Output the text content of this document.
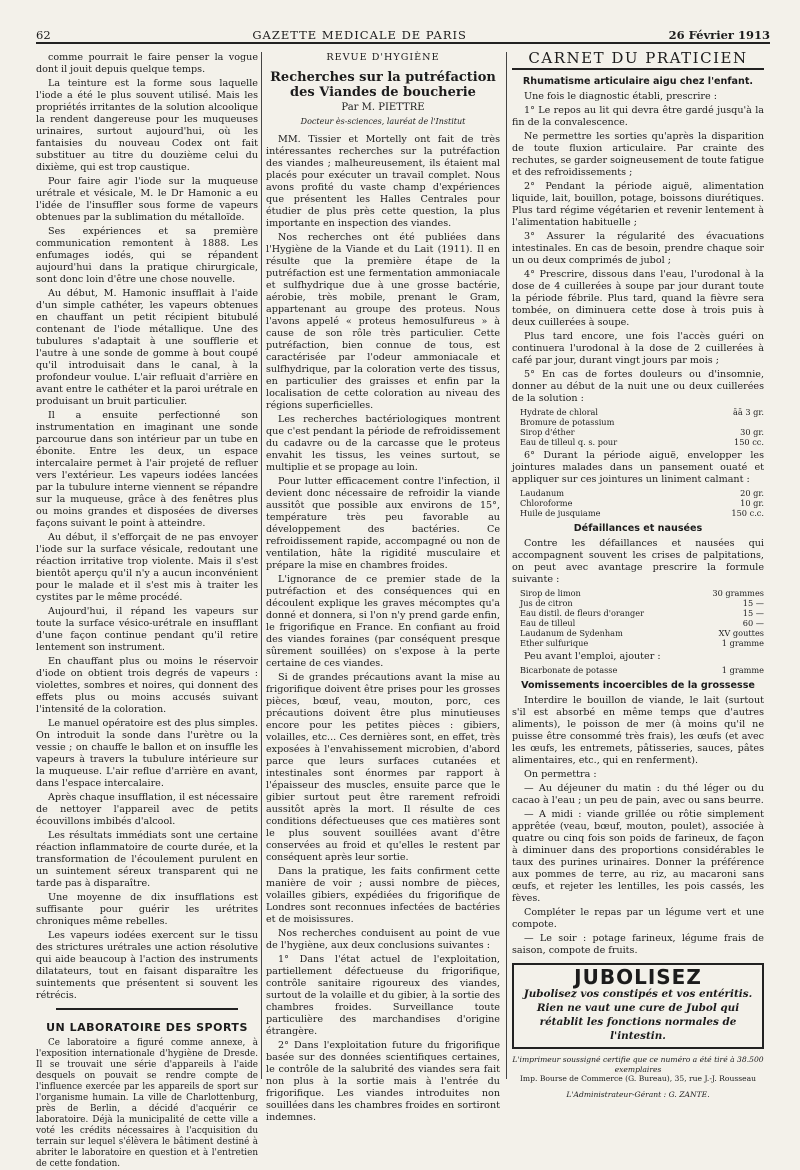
62	GAZETTE MEDICALE DE PARIS	26 Février 1913

comme pourrait le faire penser la vogue dont il jouit depuis quelque temps.

La teinture est la forme sous laquelle l'iode a été le plus souvent utilisé. Mais les propriétés irritantes de la solution alcoolique la rendent dangereuse pour les muqueuses urinaires, surtout aujourd'hui, où les fantaisies du nouveau Codex ont fait substituer au titre du douzième celui du dixième, qui est trop caustique.

Pour faire agir l'iode sur la muqueuse urétrale et vésicale, M. le Dr Hamonic a eu l'idée de l'insuffler sous forme de vapeurs obtenues par la sublimation du métalloïde.

Ses expériences et sa première communication remontent à 1888. Les enfumages iodés, qui se répandent aujourd'hui dans la pratique chirurgicale, sont donc loin d'être une chose nouvelle.

Au début, M. Hamonic insufflait à l'aide d'un simple cathéter, les vapeurs obtenues en chauffant un petit récipient bitubulé contenant de l'iode métallique. Une des tubulures s'adaptait à une soufflerie et l'autre à une sonde de gomme à bout coupé qu'il introduisait dans le canal, à la profondeur voulue. L'air refluait d'arrière en avant entre le cathéter et la paroi urétrale en produisant un bruit particulier.

Il a ensuite perfectionné son instrumentation en imaginant une sonde parcourue dans son intérieur par un tube en ébonite. Entre les deux, un espace intercalaire permet à l'air projeté de refluer vers l'extérieur. Les vapeurs iodées lancées par la tubulure interne viennent se répandre sur la muqueuse, grâce à des fenêtres plus ou moins grandes et disposées de diverses façons suivant le point à atteindre.

Au début, il s'efforçait de ne pas envoyer l'iode sur la surface vésicale, redoutant une réaction irritative trop violente. Mais il s'est bientôt aperçu qu'il n'y a aucun inconvénient pour le malade et il s'est mis à traiter les cystites par le même procédé.

Aujourd'hui, il répand les vapeurs sur toute la surface vésico-urétrale en insufflant d'une façon continue pendant qu'il retire lentement son instrument.

En chauffant plus ou moins le réservoir d'iode on obtient trois degrés de vapeurs : violettes, sombres et noires, qui donnent des effets plus ou moins accusés suivant l'intensité de la coloration.

Le manuel opératoire est des plus simples. On introduit la sonde dans l'urètre ou la vessie ; on chauffe le ballon et on insuffle les vapeurs à travers la tubulure intérieure sur la muqueuse. L'air reflue d'arrière en avant, dans l'espace intercalaire.

Après chaque insufflation, il est nécessaire de nettoyer l'appareil avec de petits écouvillons imbibés d'alcool.

Les résultats immédiats sont une certaine réaction inflammatoire de courte durée, et la transformation de l'écoulement purulent en un suintement séreux transparent qui ne tarde pas à disparaître.

Une moyenne de dix insufflations est suffisante pour guérir les urétrites chroniques même rebelles.

Les vapeurs iodées exercent sur le tissu des strictures urétrales une action résolutive qui aide beaucoup à l'action des instruments dilatateurs, tout en faisant disparaître les suintements que présentent si souvent les rétrécis.

UN LABORATOIRE DES SPORTS

Ce laboratoire a figuré comme annexe, à l'exposition internationale d'hygiène de Dresde. Il se trouvait une série d'appareils à l'aide desquels on pouvait se rendre compte de l'influence exercée par les appareils de sport sur l'organisme humain. La ville de Charlottenburg, près de Berlin, a décidé d'acquérir ce laboratoire. Déjà la municipalité de cette ville a voté les crédits nécessaires à l'acquisition du terrain sur lequel s'élèvera le bâtiment destiné à abriter le laboratoire en question et à l'entretien de cette fondation.

REVUE D'HYGIÈNE
Recherches sur la putréfaction des Viandes de boucherie
Par M. PIETTRE
Docteur ès-sciences, lauréat de l'Institut

MM. Tissier et Mortelly ont fait de très intéressantes recherches sur la putréfaction des viandes ; malheureusement, ils étaient mal placés pour exécuter un travail complet. Nous avons profité du vaste champ d'expériences que présentent les Halles Centrales pour étudier de plus près cette question, la plus importante en inspection des viandes.

Nos recherches ont été publiées dans l'Hygiène de la Viande et du Lait (1911). Il en résulte que la première étape de la putréfaction est une fermentation ammoniacale et sulfhydrique due à une grosse bactérie, aérobie, très mobile, prenant le Gram, appartenant au groupe des proteus. Nous l'avons appelé « proteus hemosulfureus » à cause de son rôle très particulier. Cette putréfaction, bien connue de tous, est caractérisée par l'odeur ammoniacale et sulfhydrique, par la coloration verte des tissus, en particulier des graisses et enfin par la localisation de cette coloration au niveau des régions superficielles.

Les recherches bactériologiques montrent que c'est pendant la période de refroidissement du cadavre ou de la carcasse que le proteus envahit les tissus, les veines surtout, se multiplie et se propage au loin.

Pour lutter efficacement contre l'infection, il devient donc nécessaire de refroidir la viande aussitôt que possible aux environs de 15°, température très peu favorable au développement des bactéries. Ce refroidissement rapide, accompagné ou non de ventilation, hâte la rigidité musculaire et prépare la mise en chambres froides.

L'ignorance de ce premier stade de la putréfaction et des conséquences qui en découlent explique les graves mécomptes qu'a donné et donnera, si l'on n'y prend garde enfin, le frigorifique en France. En confiant au froid des viandes foraines (par conséquent presque sûrement souillées) on s'expose à la perte certaine de ces viandes.

Si de grandes précautions avant la mise au frigorifique doivent être prises pour les grosses pièces, bœuf, veau, mouton, porc, ces précautions doivent être plus minutieuses encore pour les petites pièces : gibiers, volailles, etc... Ces dernières sont, en effet, très exposées à l'envahissement microbien, d'abord parce que leurs surfaces cutanées et intestinales sont énormes par rapport à l'épaisseur des muscles, ensuite parce que le gibier surtout peut être rarement refroidi aussitôt après la mort. Il résulte de ces conditions défectueuses que ces matières sont le plus souvent souillées avant d'être conservées au froid et qu'elles le restent par conséquent après leur sortie.

Dans la pratique, les faits confirment cette manière de voir ; aussi nombre de pièces, volailles gibiers, expédiées du frigorifique de Londres sont reconnues infectées de bactéries et de moisissures.

Nos recherches conduisent au point de vue de l'hygiène, aux deux conclusions suivantes :

1° Dans l'état actuel de l'exploitation, partiellement défectueuse du frigorifique, contrôle sanitaire rigoureux des viandes, surtout de la volaille et du gibier, à la sortie des chambres froides. Surveillance toute particulière des marchandises d'origine étrangère.

2° Dans l'exploitation future du frigorifique basée sur des données scientifiques certaines, le contrôle de la salubrité des viandes sera fait non plus à la sortie mais à l'entrée du frigorifique. Les viandes introduites non souillées dans les chambres froides en sortiront indemnes.

CARNET DU PRATICIEN
Rhumatisme articulaire aigu chez l'enfant.

Une fois le diagnostic établi, prescrire :

1° Le repos au lit qui devra être gardé jusqu'à la fin de la convalescence.

Ne permettre les sorties qu'après la disparition de toute fluxion articulaire. Par crainte des rechutes, se garder soigneusement de toute fatigue et des refroidissements ;

2° Pendant la période aiguë, alimentation liquide, lait, bouillon, potage, boissons diurétiques. Plus tard régime végétarien et revenir lentement à l'alimentation habituelle ;

3° Assurer la régularité des évacuations intestinales. En cas de besoin, prendre chaque soir un ou deux comprimés de jubol ;

4° Prescrire, dissous dans l'eau, l'urodonal à la dose de 4 cuillerées à soupe par jour durant toute la période fébrile. Plus tard, quand la fièvre sera tombée, on diminuera cette dose à trois puis à deux cuillerées à soupe.

Plus tard encore, une fois l'accès guéri on continuera l'urodonal à la dose de 2 cuillerées à café par jour, durant vingt jours par mois ;

5° En cas de fortes douleurs ou d'insomnie, donner au début de la nuit une ou deux cuillerées de la solution :

Hydrate de chloral	āā 3 gr.
Bromure de potassium
Sirop d'éther	30 gr.
Eau de tilleul q. s. pour	150 cc.

6° Durant la période aiguë, envelopper les jointures malades dans un pansement ouaté et appliquer sur ces jointures un liniment calmant :

Laudanum	20 gr.
Chloroforme	10 gr.
Huile de jusquiame	150 c.c.
Défaillances et nausées

Contre les défaillances et nausées qui accompagnent souvent les crises de palpitations, on peut avec avantage prescrire la formule suivante :

Sirop de limon	30 grammes
Jus de citron	15 —
Eau distil. de fleurs d'oranger	15 —
Eau de tilleul	60 —
Laudanum de Sydenham	XV gouttes
Ether sulfurique	1 gramme

Peu avant l'emploi, ajouter :

Bicarbonate de potasse	1 gramme
Vomissements incoercibles de la grossesse

Interdire le bouillon de viande, le lait (surtout s'il est absorbé en même temps que d'autres aliments), le poisson de mer (à moins qu'il ne puisse être consommé très frais), les œufs (et avec les œufs, les entremets, pâtisseries, sauces, pâtes alimentaires, etc., qui en renferment).

On permettra :

— Au déjeuner du matin : du thé léger ou du cacao à l'eau ; un peu de pain, avec ou sans beurre.

— A midi : viande grillée ou rôtie simplement apprêtée (veau, bœuf, mouton, poulet), associée à quatre ou cinq fois son poids de farineux, de façon à diminuer dans des proportions considérables le taux des purines urinaires. Donner la préférence aux pommes de terre, au riz, au macaroni sans œufs, et rejeter les lentilles, les pois cassés, les fèves.

Compléter le repas par un légume vert et une compote.

— Le soir : potage farineux, légume frais de saison, compote de fruits.

JUBOLISEZ
Jubolisez vos constipés et vos entéritis. Rien ne vaut une cure de Jubol qui rétablit les fonctions normales de l'intestin.
L'imprimeur soussigné certifie que ce numéro a été tiré à 38.500 exemplaires
Imp. Bourse de Commerce (G. Bureau), 35, rue J.-J. Rousseau
L'Administrateur-Gérant : G. ZANTE.
